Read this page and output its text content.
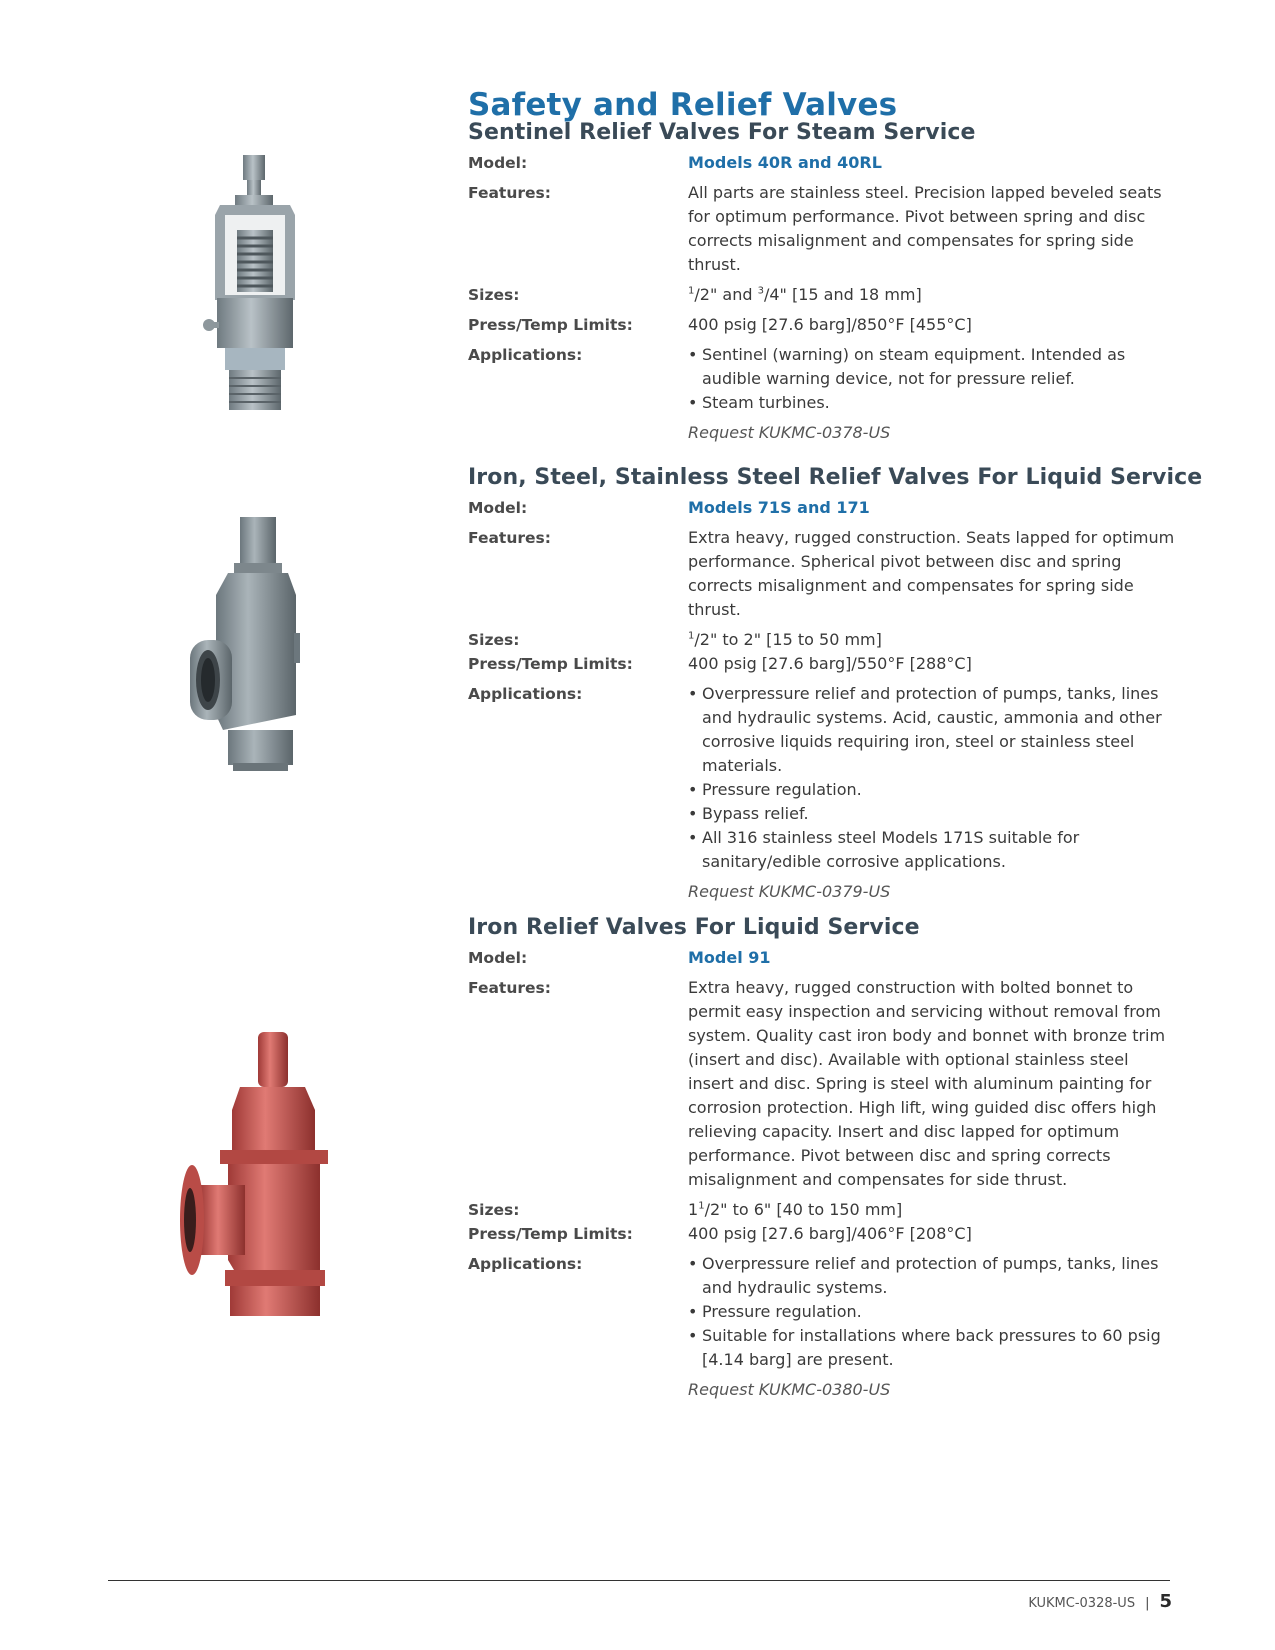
Safety and Relief Valves
Sentinel Relief Valves For Steam Service
Model:	Models 40R and 40RL
Features:	All parts are stainless steel. Precision lapped beveled seats for optimum performance. Pivot between spring and disc corrects misalignment and compensates for spring side thrust.
Sizes:	$^1$/2" and $^3$/4" [15 and 18 mm]
Press/Temp Limits:	400 psig [27.6 barg]/850°F [455°C]
Applications:	• Sentinel (warning) on steam equipment. Intended as audible warning device, not for pressure relief.
• Steam turbines.
Request KUKMC-0378-US
Iron, Steel, Stainless Steel Relief Valves For Liquid Service
Model:	Models 71S and 171
Features:	Extra heavy, rugged construction. Seats lapped for optimum performance. Spherical pivot between disc and spring corrects misalignment and compensates for spring side thrust.
Sizes:	$^1$/2" to 2" [15 to 50 mm]
Press/Temp Limits:	400 psig [27.6 barg]/550°F [288°C]
Applications:	• Overpressure relief and protection of pumps, tanks, lines and hydraulic systems. Acid, caustic, ammonia and other corrosive liquids requiring iron, steel or stainless steel materials.
• Pressure regulation.
• Bypass relief.
• All 316 stainless steel Models 171S suitable for sanitary/edible corrosive applications.
Request KUKMC-0379-US
Iron Relief Valves For Liquid Service
Model:	Model 91
Features:	Extra heavy, rugged construction with bolted bonnet to permit easy inspection and servicing without removal from system. Quality cast iron body and bonnet with bronze trim (insert and disc). Available with optional stainless steel insert and disc. Spring is steel with aluminum painting for corrosion protection. High lift, wing guided disc offers high relieving capacity. Insert and disc lapped for optimum performance. Pivot between disc and spring corrects misalignment and compensates for side thrust.
Sizes:	$1^1/2$" to 6" [40 to 150 mm]
Press/Temp Limits:	400 psig [27.6 barg]/406°F [208°C]
Applications:	• Overpressure relief and protection of pumps, tanks, lines and hydraulic systems.
• Pressure regulation.
• Suitable for installations where back pressures to 60 psig [4.14 barg] are present.
Request KUKMC-0380-US
KUKMC-0328-US | 5
